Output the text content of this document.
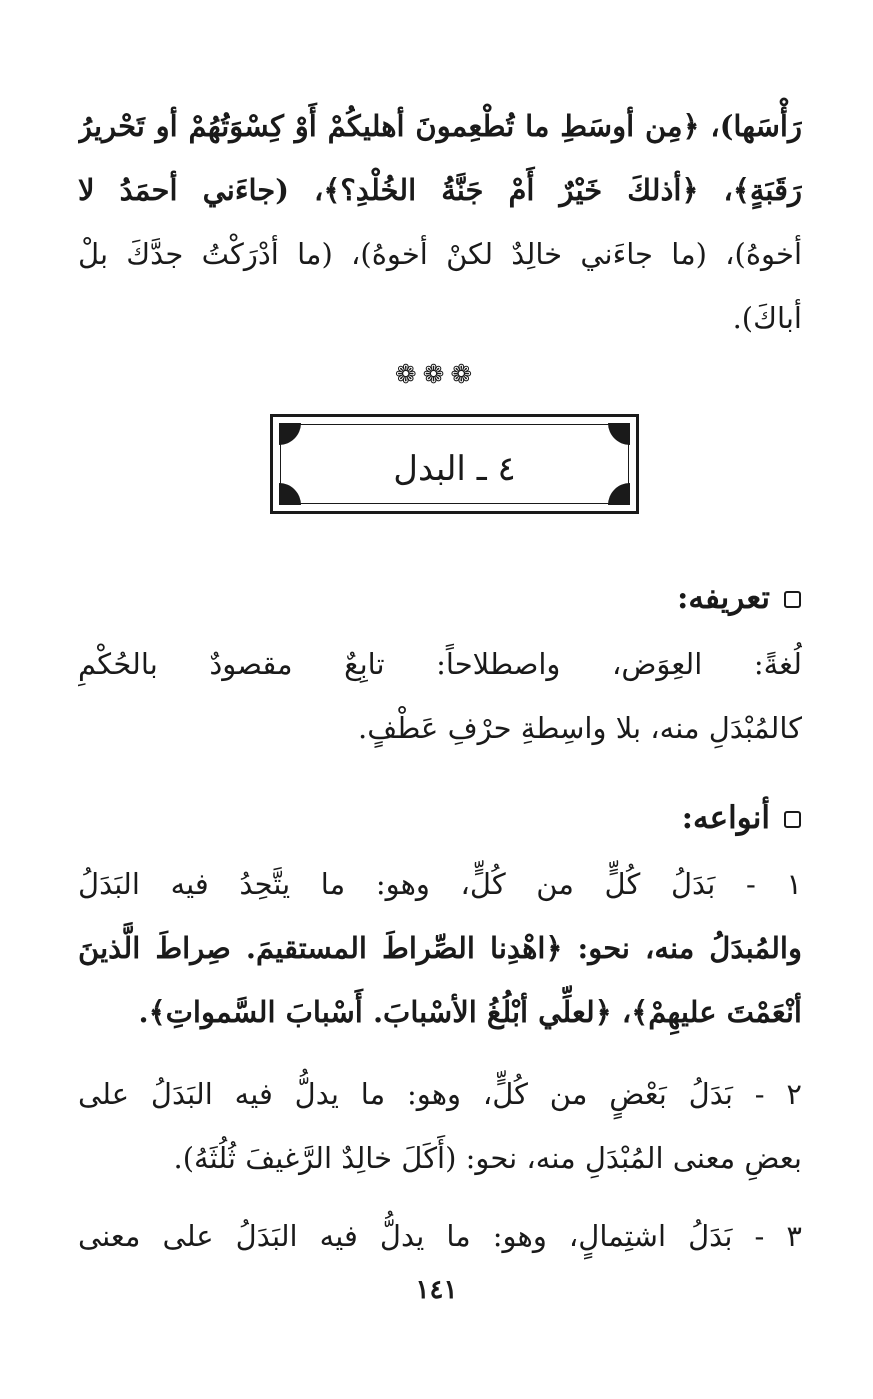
رَأْسَها)، ﴿مِن أوسَطِ ما تُطْعِمونَ أهليكُمْ أَوْ كِسْوَتُهُمْ أو تَحْريرُ
رَقَبَةٍ﴾، ﴿أذلكَ خَيْرٌ أَمْ جَنَّةُ الخُلْدِ؟﴾، (جاءَني أحمَدُ لا
أخوهُ)، (ما جاءَني خالِدٌ لكنْ أخوهُ)، (ما أدْرَكْتُ جدَّكَ بلْ
أباكَ).
❁❁❁
٤ ـ البدل
تعريفه:
لُغةً: العِوَض، واصطلاحاً: تابِعٌ مقصودٌ بالحُكْمِ
كالمُبْدَلِ منه، بلا واسِطةِ حرْفِ عَطْفٍ.
أنواعه:
١ - بَدَلُ كُلٍّ من كُلٍّ، وهو: ما يتَّحِدُ فيه البَدَلُ
والمُبدَلُ منه، نحو: ﴿اهْدِنا الصِّراطَ المستقيمَ. صِراطَ الَّذينَ
أنْعَمْتَ عليهِمْ﴾، ﴿لعلِّي أبْلُغُ الأسْبابَ. أَسْبابَ السَّمواتِ﴾.
٢ - بَدَلُ بَعْضٍ من كُلٍّ، وهو: ما يدلُّ فيه البَدَلُ على
بعضِ معنى المُبْدَلِ منه، نحو: (أَكَلَ خالِدٌ الرَّغيفَ ثُلُثَهُ).
٣ - بَدَلُ اشتِمالٍ، وهو: ما يدلُّ فيه البَدَلُ على معنى
١٤١
